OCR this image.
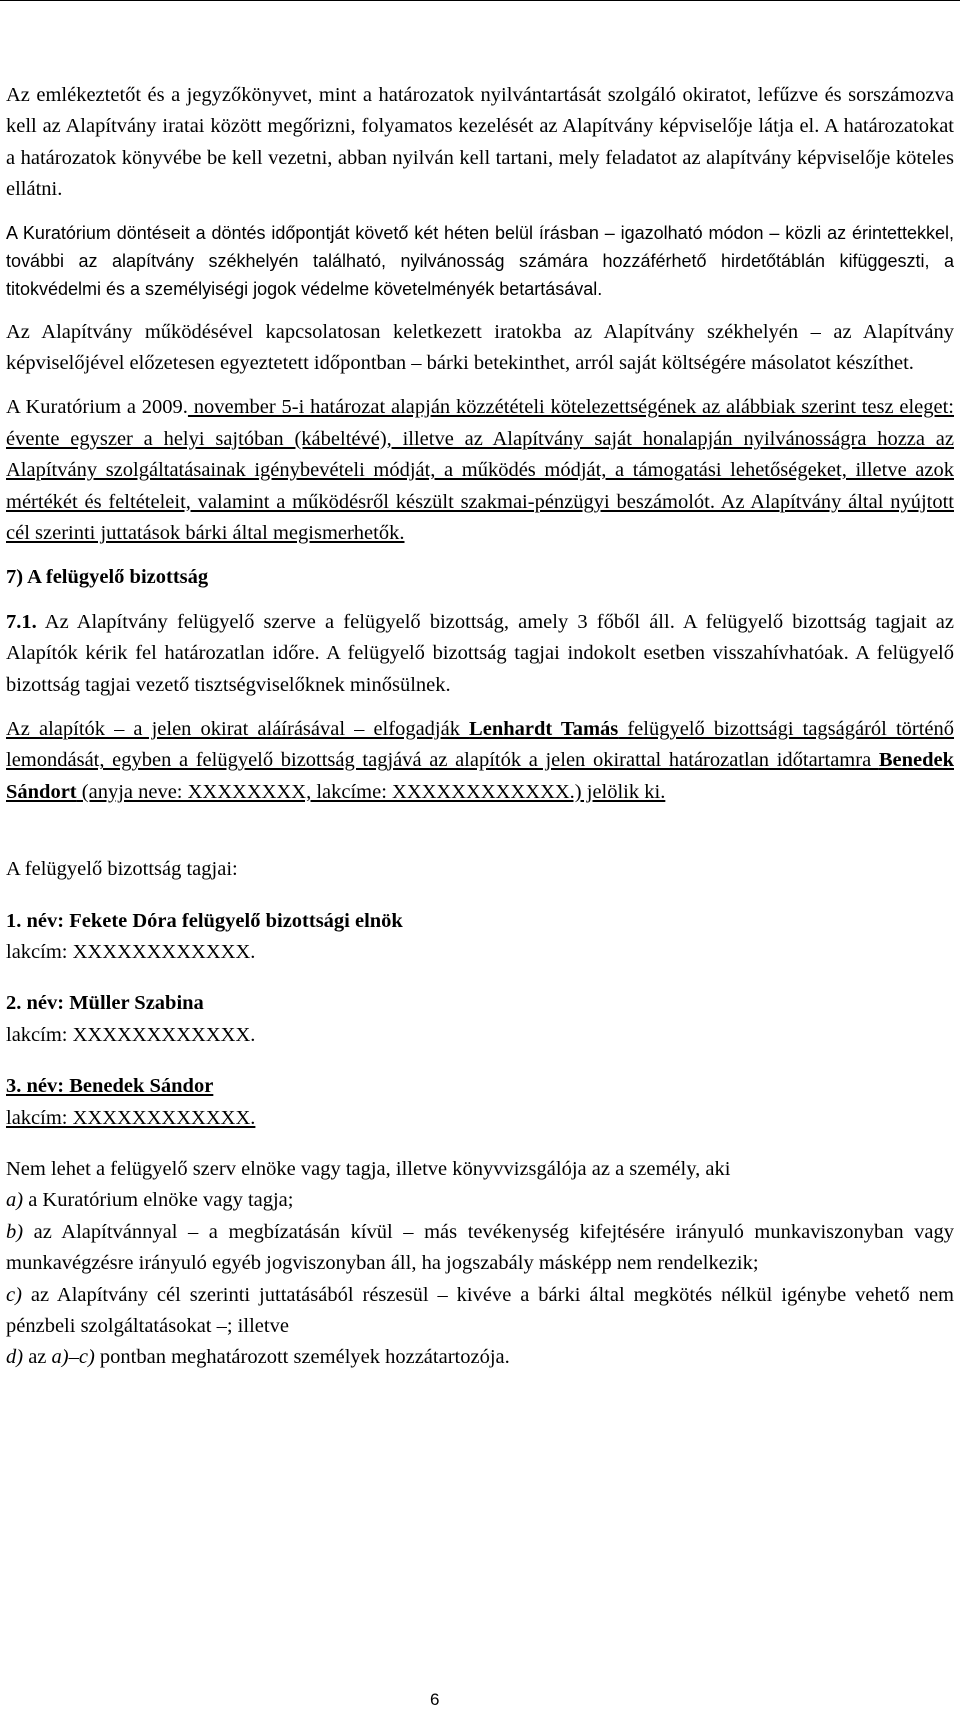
Az emlékeztetőt és a jegyzőkönyvet, mint a határozatok nyilvántartását szolgáló okiratot, lefűzve és sorszámozva kell az Alapítvány iratai között megőrizni, folyamatos kezelését az Alapítvány képviselője látja el. A határozatokat a határozatok könyvébe be kell vezetni, abban nyilván kell tartani, mely feladatot az alapítvány képviselője köteles ellátni.

A Kuratórium döntéseit a döntés időpontját követő két héten belül írásban – igazolható módon – közli az érintettekkel, további az alapítvány székhelyén található, nyilvánosság számára hozzáférhető hirdetőtáblán kifüggeszti, a titokvédelmi és a személyiségi jogok védelme követelményék betartásával.

Az Alapítvány működésével kapcsolatosan keletkezett iratokba az Alapítvány székhelyén – az Alapítvány képviselőjével előzetesen egyeztetett időpontban – bárki betekinthet, arról saját költségére másolatot készíthet.

A Kuratórium a 2009. november 5-i határozat alapján közzétételi kötelezettségének az alábbiak szerint tesz eleget: évente egyszer a helyi sajtóban (kábeltévé), illetve az Alapítvány saját honalapján nyilvánosságra hozza az Alapítvány szolgáltatásainak igénybevételi módját, a működés módját, a támogatási lehetőségeket, illetve azok mértékét és feltételeit, valamint a működésről készült szakmai-pénzügyi beszámolót. Az Alapítvány által nyújtott cél szerinti juttatások bárki által megismerhetők.

7) A felügyelő bizottság

7.1. Az Alapítvány felügyelő szerve a felügyelő bizottság, amely 3 főből áll. A felügyelő bizottság tagjait az Alapítók kérik fel határozatlan időre. A felügyelő bizottság tagjai indokolt esetben visszahívhatóak. A felügyelő bizottság tagjai vezető tisztségviselőknek minősülnek.

Az alapítók – a jelen okirat aláírásával – elfogadják Lenhardt Tamás felügyelő bizottsági tagságáról történő lemondását, egyben a felügyelő bizottság tagjává az alapítók a jelen okirattal határozatlan időtartamra Benedek Sándort (anyja neve: XXXXXXXX, lakcíme: XXXXXXXXXXXX.) jelölik ki.

A felügyelő bizottság tagjai:

1. név: Fekete Dóra felügyelő bizottsági elnök

lakcím: XXXXXXXXXXXX.

2. név: Müller Szabina

lakcím: XXXXXXXXXXXX.

3. név: Benedek Sándor

lakcím: XXXXXXXXXXXX.

Nem lehet a felügyelő szerv elnöke vagy tagja, illetve könyvvizsgálója az a személy, aki

a) a Kuratórium elnöke vagy tagja;

b) az Alapítvánnyal – a megbízatásán kívül – más tevékenység kifejtésére irányuló munkaviszonyban vagy munkavégzésre irányuló egyéb jogviszonyban áll, ha jogszabály másképp nem rendelkezik;

c) az Alapítvány cél szerinti juttatásából részesül – kivéve a bárki által megkötés nélkül igénybe vehető nem pénzbeli szolgáltatásokat –; illetve

d) az a)–c) pontban meghatározott személyek hozzátartozója.

6
